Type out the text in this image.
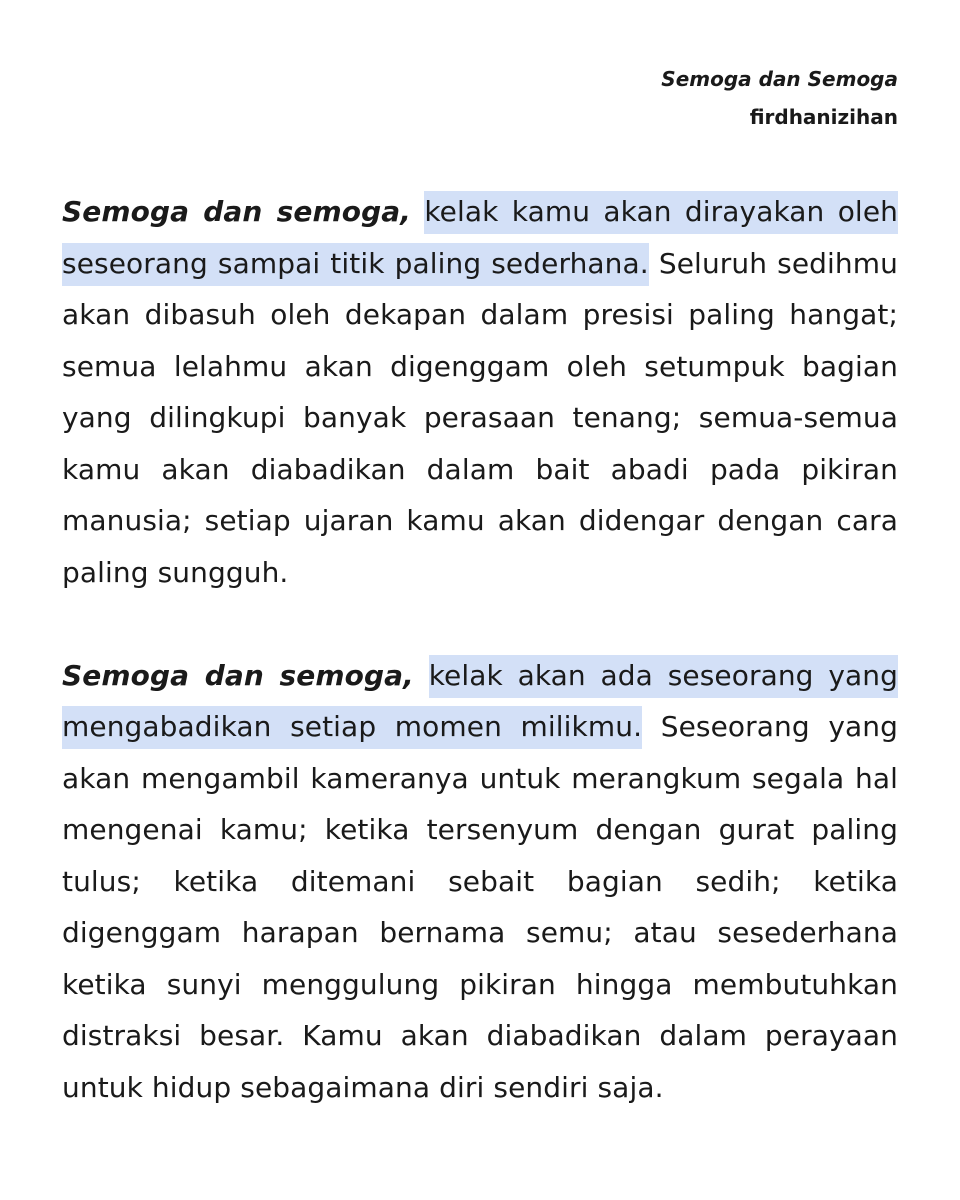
Semoga dan Semoga
firdhanizihan

Semoga dan semoga, kelak kamu akan dirayakan oleh seseorang sampai titik paling sederhana. Seluruh sedihmu akan dibasuh oleh dekapan dalam presisi paling hangat; semua lelahmu akan digenggam oleh setumpuk bagian yang dilingkupi banyak perasaan tenang; semua-semua kamu akan diabadikan dalam bait abadi pada pikiran manusia; setiap ujaran kamu akan didengar dengan cara paling sungguh.

Semoga dan semoga, kelak akan ada seseorang yang mengabadikan setiap momen milikmu. Seseorang yang akan mengambil kameranya untuk merangkum segala hal mengenai kamu; ketika tersenyum dengan gurat paling tulus; ketika ditemani sebait bagian sedih; ketika digenggam harapan bernama semu; atau sesederhana ketika sunyi menggulung pikiran hingga membutuhkan distraksi besar. Kamu akan diabadikan dalam perayaan untuk hidup sebagaimana diri sendiri saja.
